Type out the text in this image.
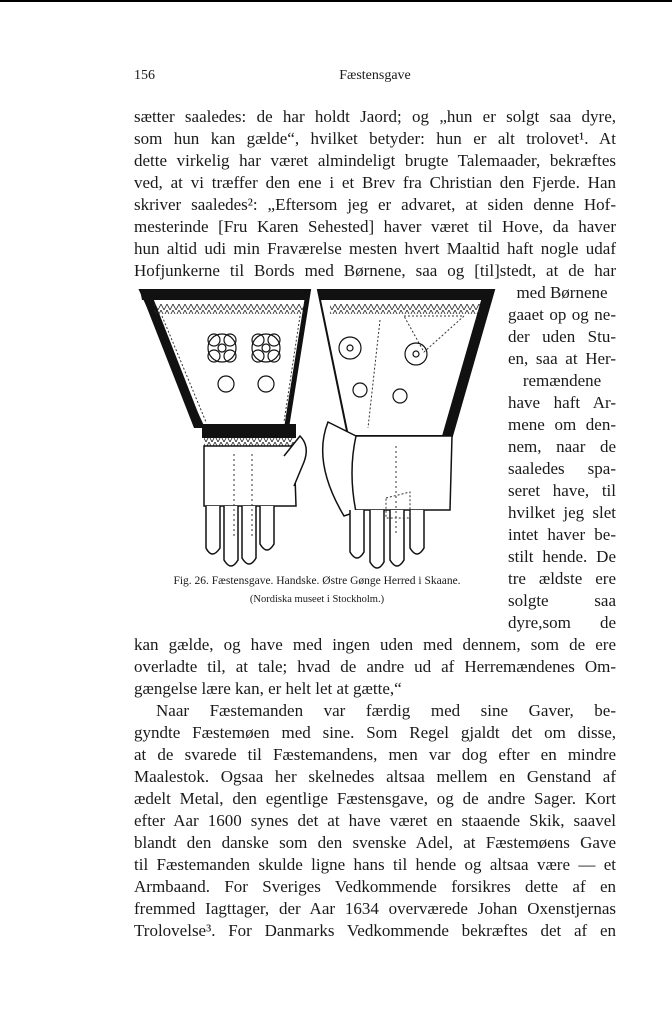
156	Fæstensgave
sætter saaledes: de har holdt Jaord; og „hun er solgt saa dyre,
som hun kan gælde“, hvilket betyder: hun er alt trolovet¹. At
dette virkelig har været almindeligt brugte Talemaader, bekræftes
ved, at vi træffer den ene i et Brev fra Christian den Fjerde. Han
skriver saaledes²: „Eftersom jeg er advaret, at siden denne Hof-
mesterinde [Fru Karen Sehested] haver været til Hove, da haver
hun altid udi min Fraværelse mesten hvert Maaltid haft nogle udaf
Hofjunkerne til Bords med Børnene, saa og [til]stedt, at de har
med Børnene
gaaet op og ne-
der uden Stu-
en, saa at Her-
remændene
have haft Ar-
mene om den-
nem, naar de
saaledes spa-
seret have, til
hvilket jeg slet
intet haver be-
stilt hende. De
tre ældste ere
solgte saa
dyre,som de
Fig. 26. Fæstensgave. Handske. Østre Gønge Herred i Skaane.
(Nordiska museet i Stockholm.)
kan gælde, og have med ingen uden med dennem, som de ere
overladte til, at tale; hvad de andre ud af Herremændenes Om-
gængelse lære kan, er helt let at gætte,“
Naar Fæstemanden var færdig med sine Gaver, be-
gyndte Fæstemøen med sine. Som Regel gjaldt det om disse,
at de svarede til Fæstemandens, men var dog efter en mindre
Maalestok. Ogsaa her skelnedes altsaa mellem en Genstand af
ædelt Metal, den egentlige Fæstensgave, og de andre Sager. Kort
efter Aar 1600 synes det at have været en staaende Skik, saavel
blandt den danske som den svenske Adel, at Fæstemøens Gave
til Fæstemanden skulde ligne hans til hende og altsaa være — et
Armbaand. For Sveriges Vedkommende forsikres dette af en
fremmed Iagttager, der Aar 1634 overværede Johan Oxenstjernas
Trolovelse³. For Danmarks Vedkommende bekræftes det af en
